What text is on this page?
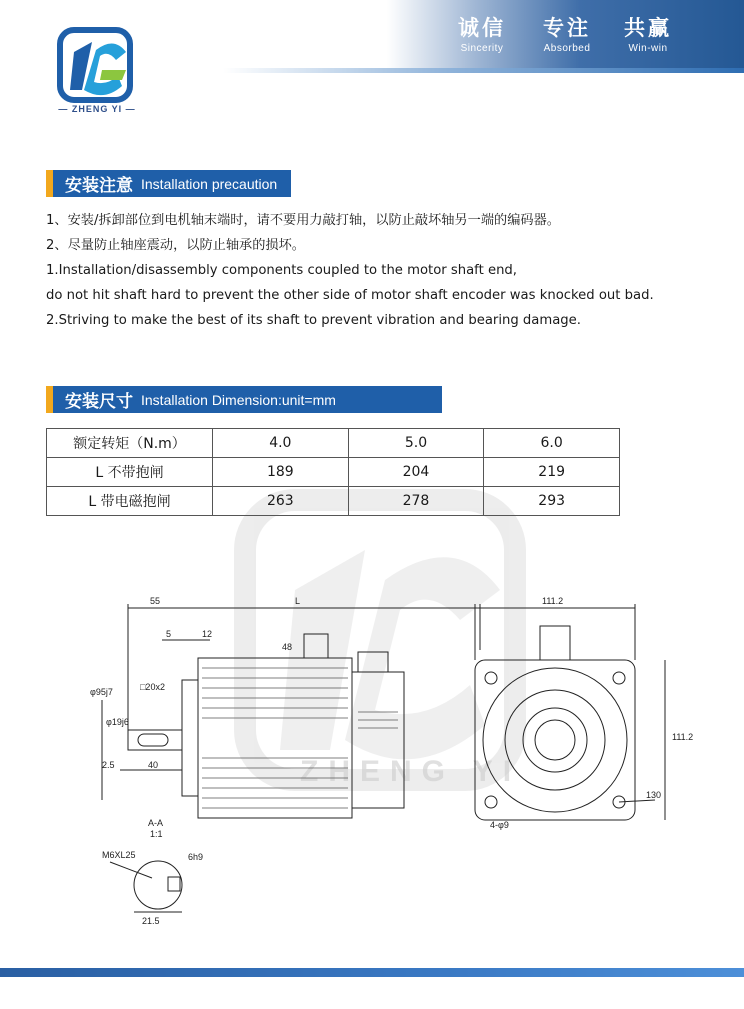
— ZHENG YI —
诚信
Sincerity
专注
Absorbed
共赢
Win-win
安装注意 Installation precaution
1、安装/拆卸部位到电机轴末端时，请不要用力敲打轴，以防止敲坏轴另一端的编码器。
2、尽量防止轴座震动，以防止轴承的损坏。
1.Installation/disassembly components coupled to the motor shaft end,
do not hit shaft hard to prevent the other side of motor shaft encoder was knocked out bad.
2.Striving to make the best of its shaft to prevent vibration and bearing damage.
安装尺寸 Installation Dimension:unit=mm
ZHENG YI
额定转矩（N.m）	4.0	5.0	6.0
L 不带抱闸	189	204	219
L 带电磁抱闸	263	278	293
55	L
5	12
48
□20x2
φ95j7
φ19j6
2.5	40
111.2
111.2
130
4-φ9
A-A
1:1
M6XL25	6h9
21.5
